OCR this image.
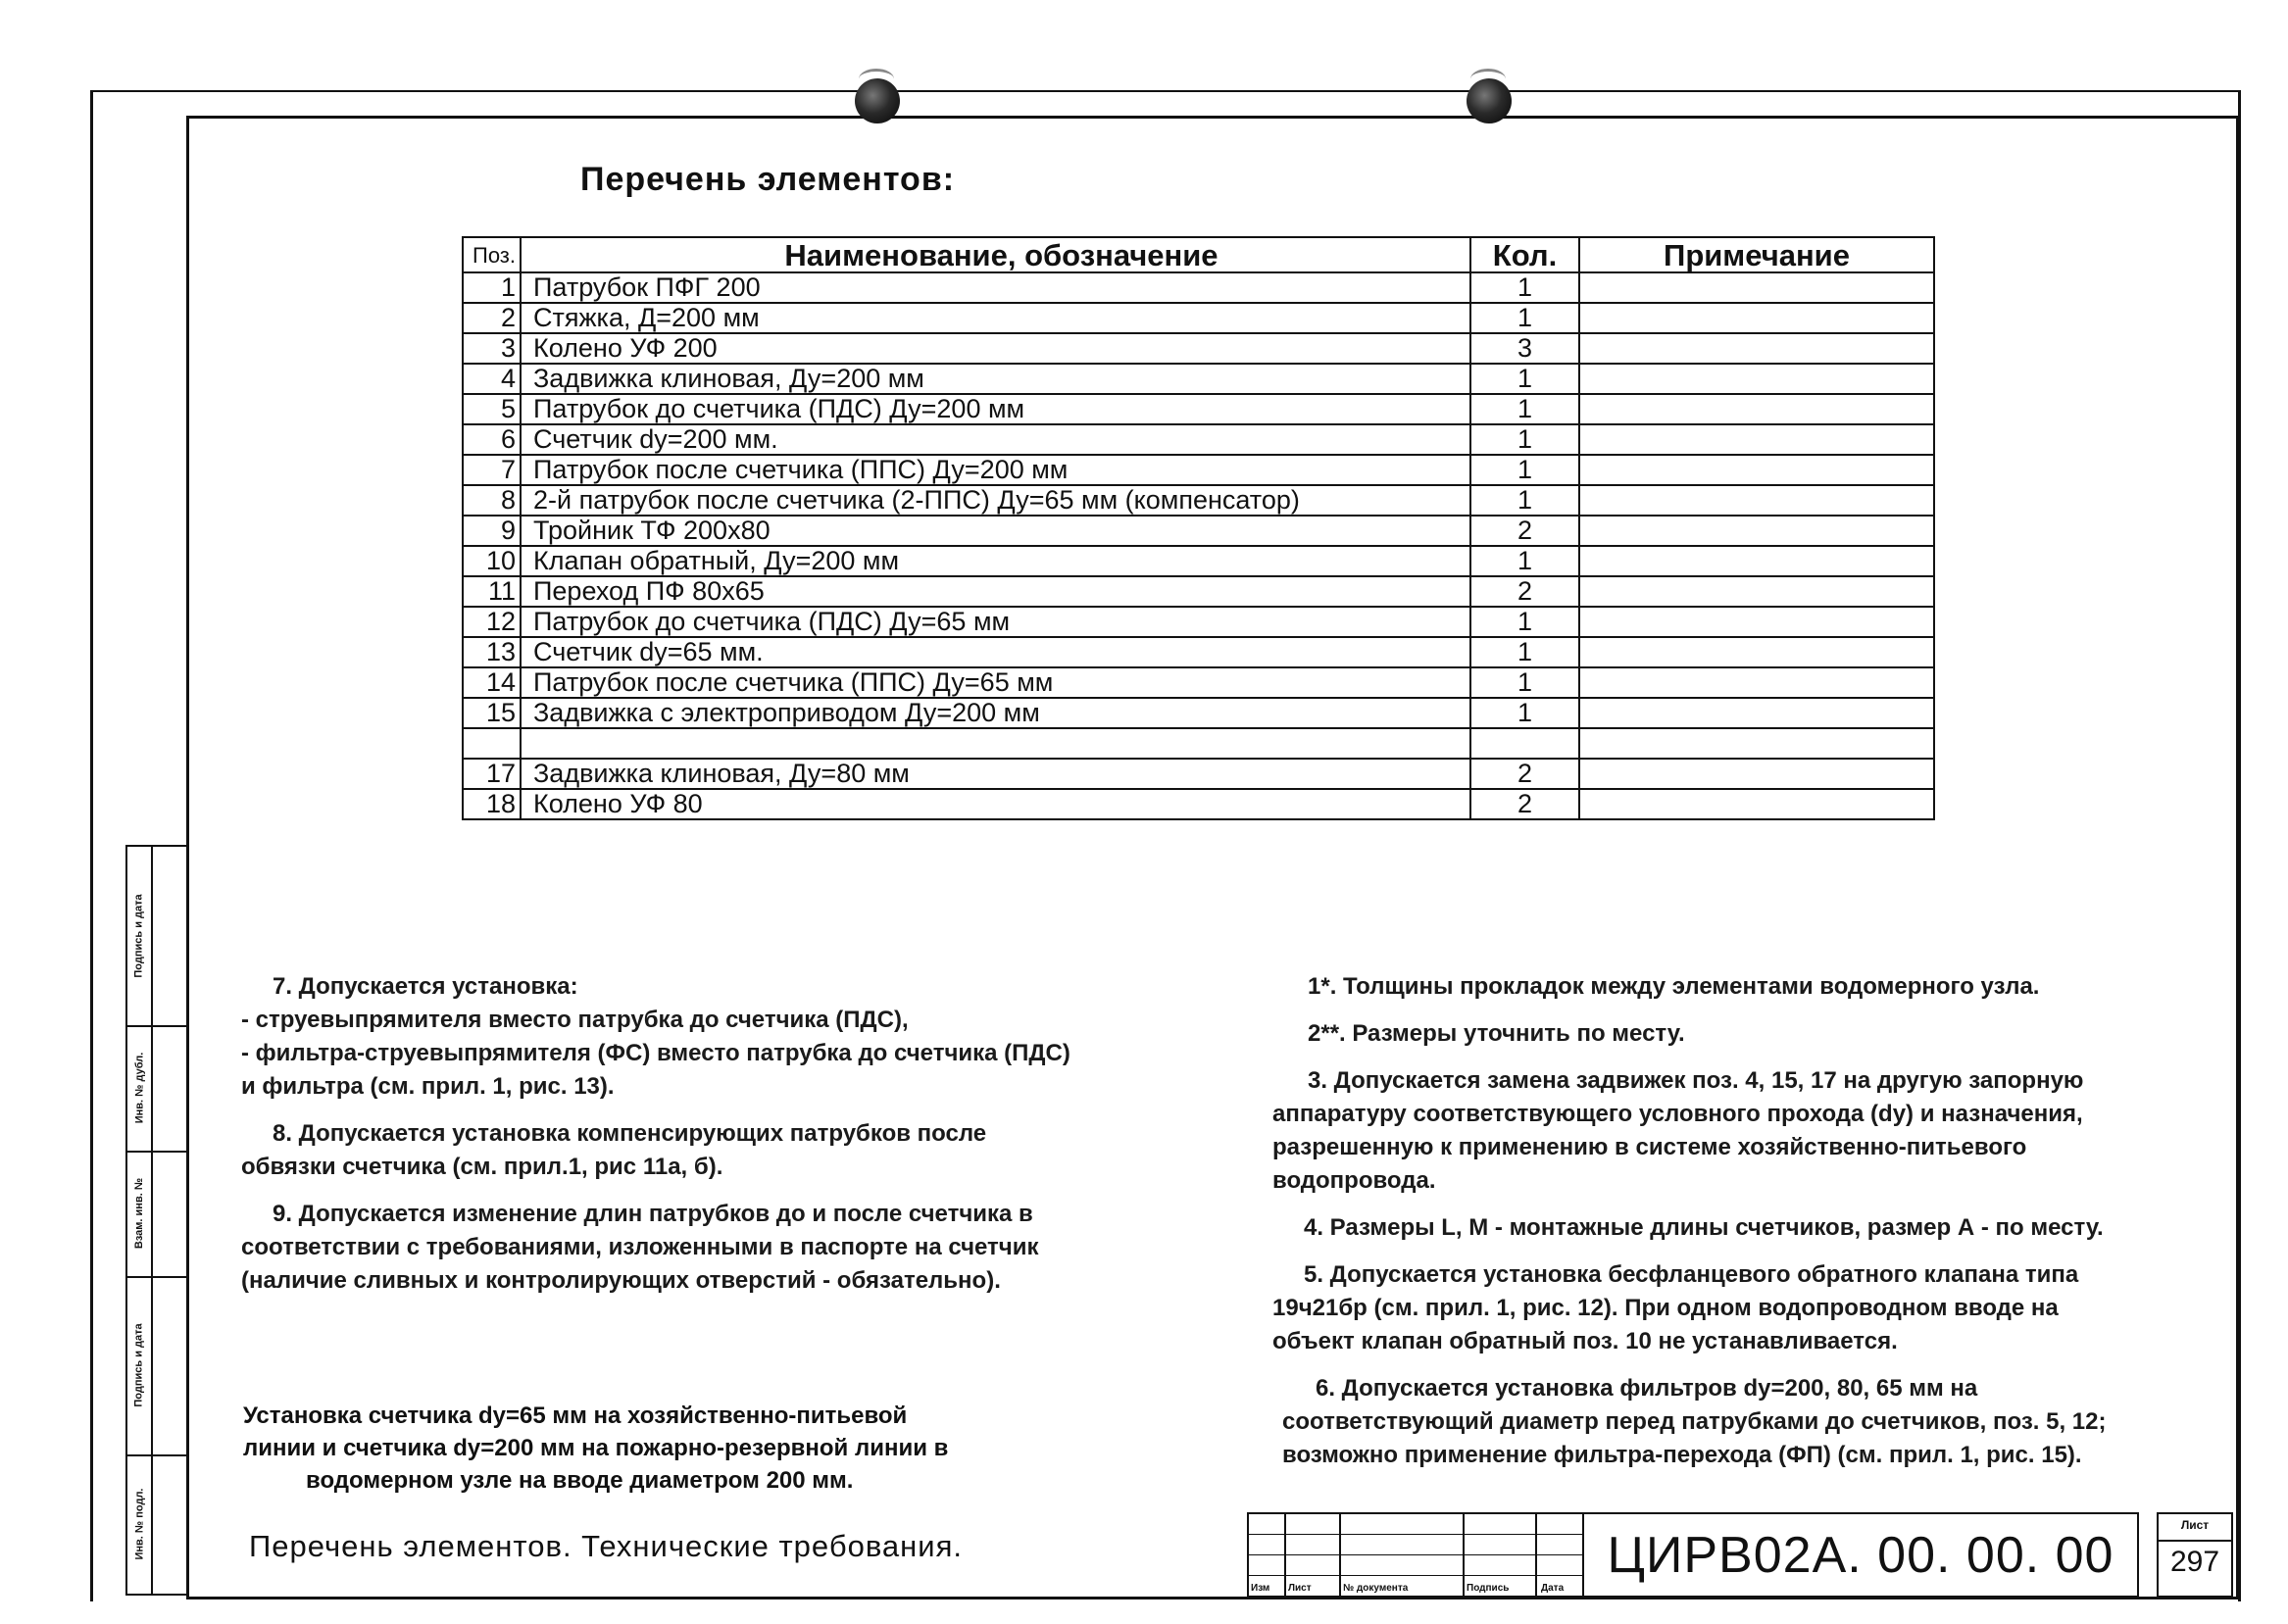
Перечень элементов:
Поз.	Наименование, обозначение	Кол.	Примечание
1	Патрубок ПФГ 200	1	
2	Стяжка, Д=200 мм	1	
3	Колено УФ 200	3	
4	Задвижка клиновая, Ду=200 мм	1	
5	Патрубок до счетчика (ПДС) Ду=200 мм	1	
6	Счетчик dy=200 мм.	1	
7	Патрубок после счетчика (ППС) Ду=200 мм	1	
8	2-й патрубок после счетчика (2-ППС) Ду=65 мм (компенсатор)	1	
9	Тройник ТФ 200х80	2	
10	Клапан обратный, Ду=200 мм	1	
11	Переход ПФ 80х65	2	
12	Патрубок до счетчика (ПДС) Ду=65 мм	1	
13	Счетчик dy=65 мм.	1	
14	Патрубок после счетчика (ППС) Ду=65 мм	1	
15	Задвижка с электроприводом Ду=200 мм	1	

17	Задвижка клиновая, Ду=80 мм	2	
18	Колено УФ 80	2	
Подпись и дата
Инв. № дубл.
Взам. инв. №
Подпись и дата
Инв. № подл.

7. Допускается установка:

- струевыпрямителя вместо патрубка до счетчика (ПДС),

- фильтра-струевыпрямителя (ФС) вместо патрубка до счетчика (ПДС)

и фильтра (см. прил. 1, рис. 13).

8. Допускается установка компенсирующих патрубков после

обвязки счетчика (см. прил.1, рис 11а, б).

9. Допускается изменение длин патрубков до и после счетчика в

соответствии с требованиями, изложенными в паспорте на счетчик

(наличие сливных и контролирующих отверстий - обязательно).

Установка счетчика dy=65 мм на хозяйственно-питьевой
линии и счетчика dy=200 мм на пожарно-резервной линии в
водомерном узле на вводе диаметром 200 мм.

1*. Толщины прокладок между элементами водомерного узла.

2**. Размеры уточнить по месту.

3. Допускается замена задвижек поз. 4, 15, 17 на другую запорную

аппаратуру соответствующего условного прохода (dy) и назначения,

разрешенную к применению в системе хозяйственно-питьевого водопровода.

4. Размеры L, M - монтажные длины счетчиков, размер А - по месту.

5. Допускается установка бесфланцевого обратного клапана типа

19ч21бр (см. прил. 1, рис. 12). При одном водопроводном вводе на

объект клапан обратный поз. 10 не устанавливается.

6. Допускается установка фильтров dy=200, 80, 65 мм на

соответствующий диаметр перед патрубками до счетчиков, поз. 5, 12;

возможно применение фильтра-перехода (ФП) (см. прил. 1, рис. 15).

Перечень элементов. Технические требования.
Изм Лист	№ документа	Подпись	Дата
ЦИРВ02А. 00. 00. 00
Лист
297
